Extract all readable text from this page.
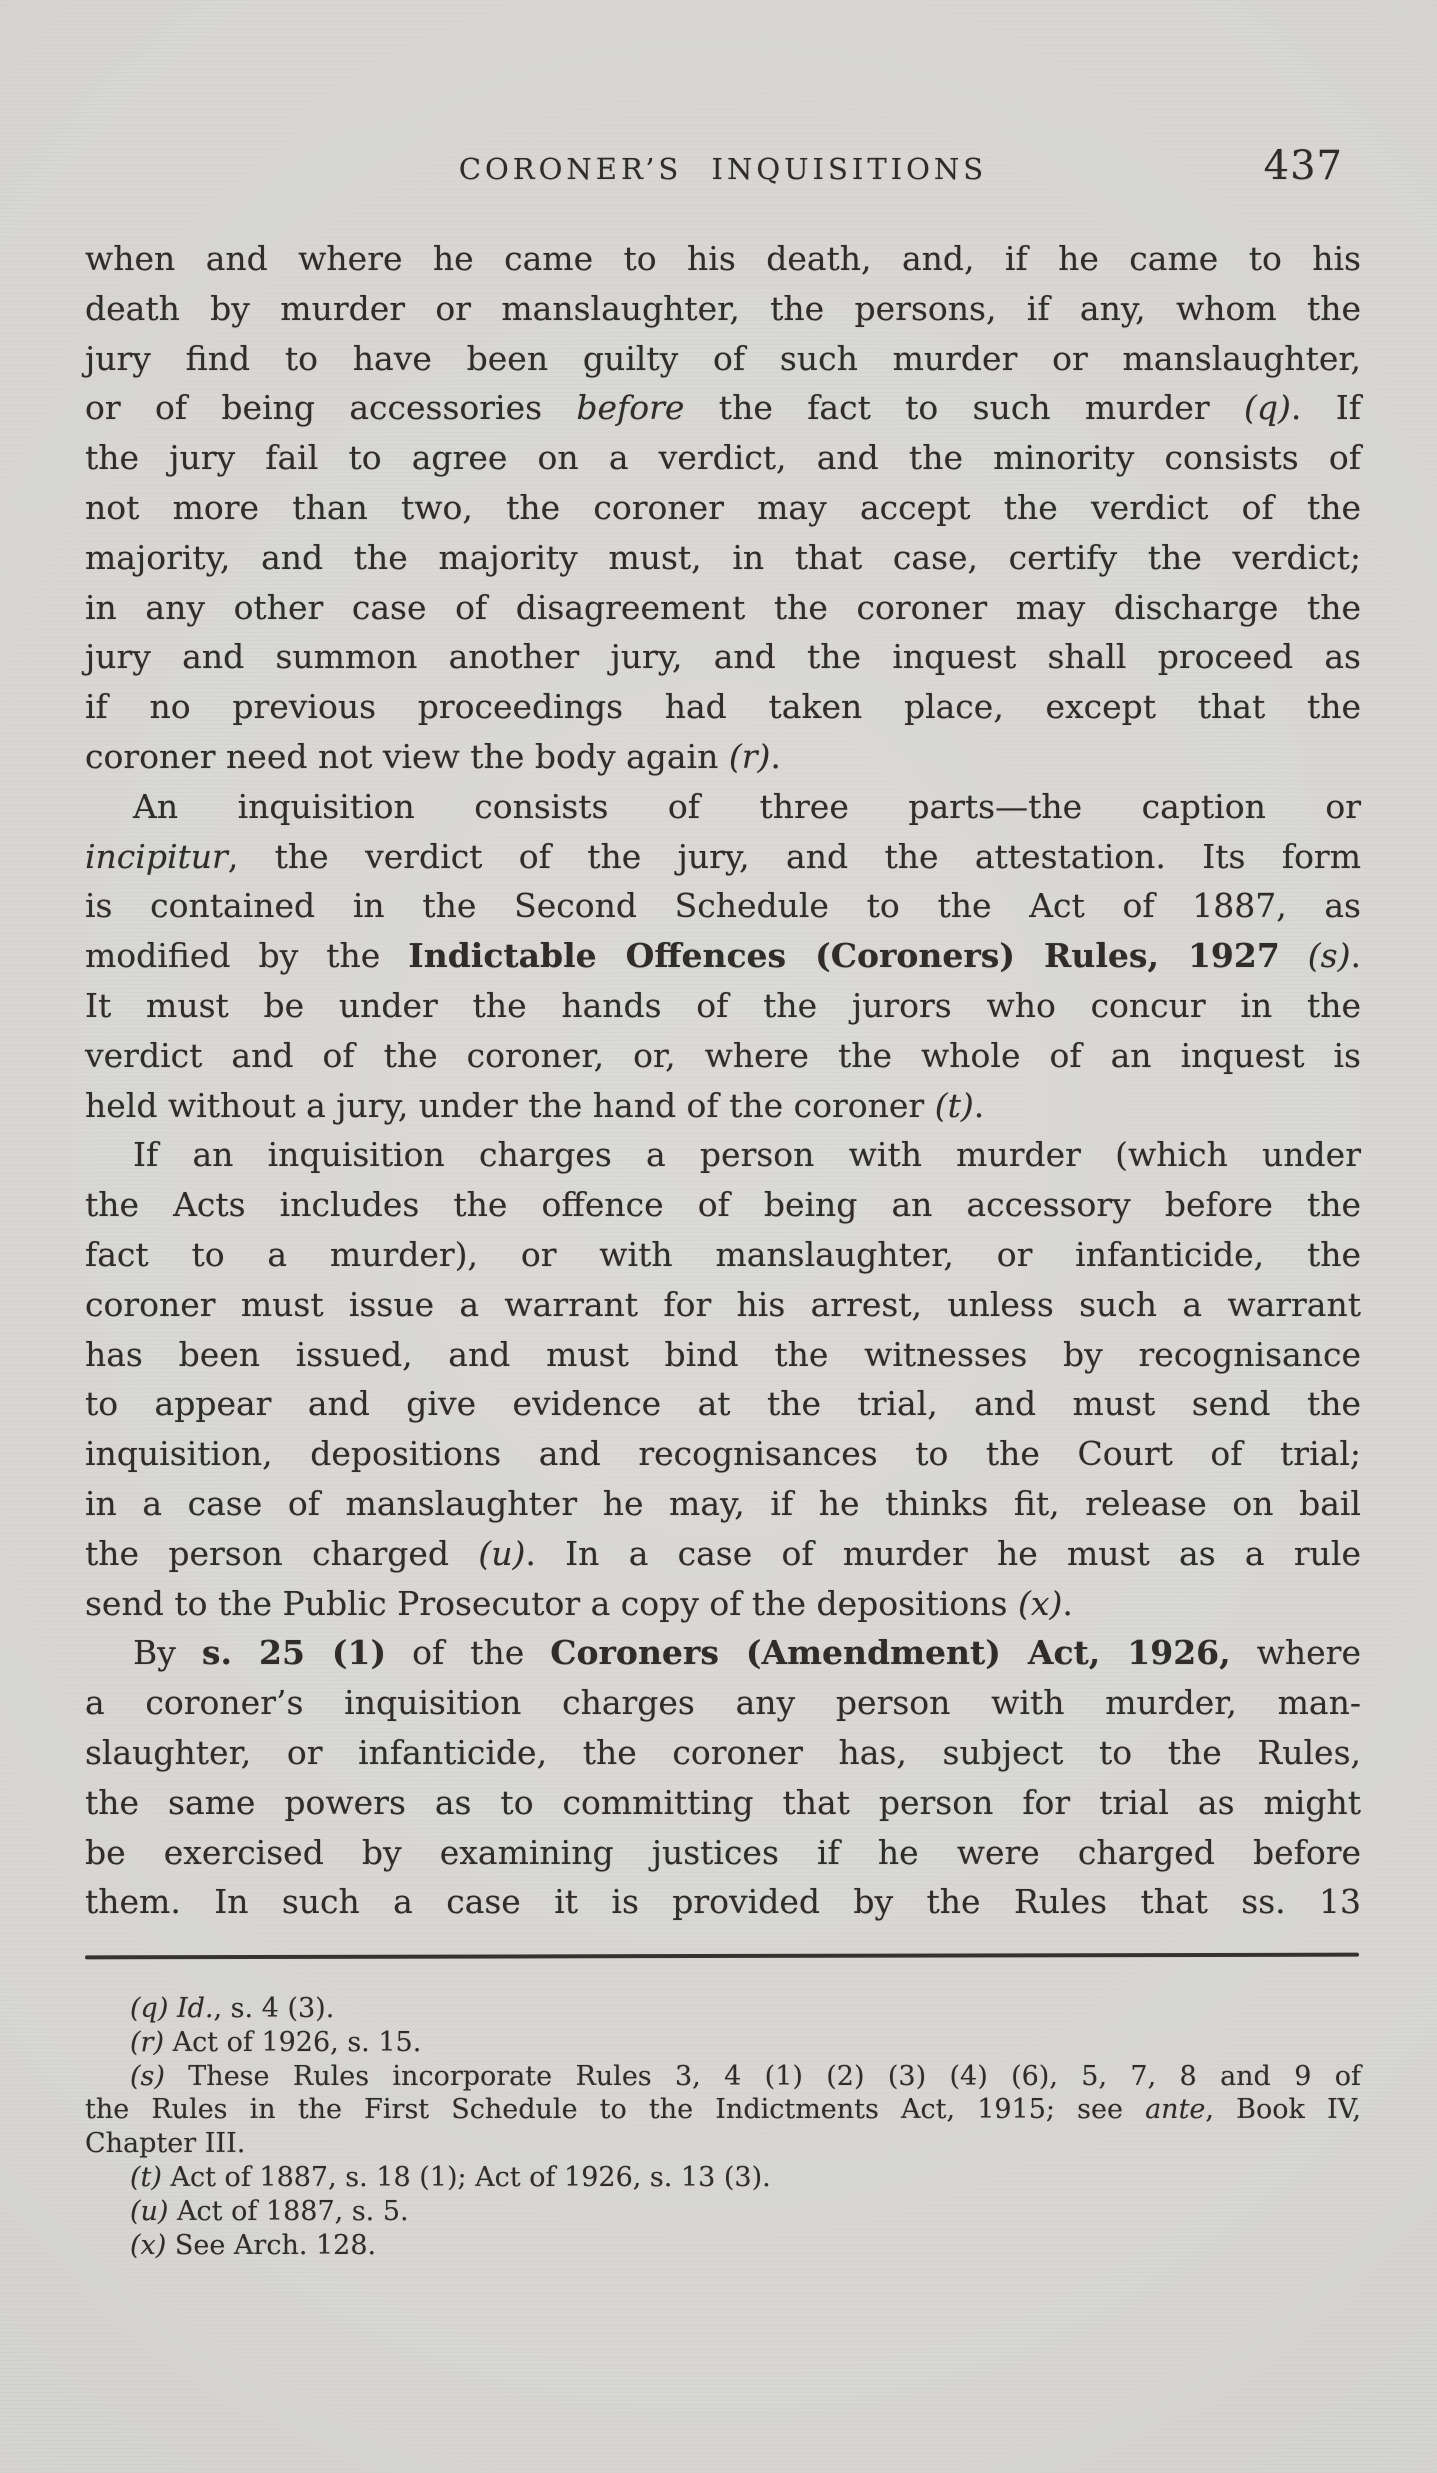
CORONER’S INQUISITIONS	437
when and where he came to his death, and, if he came to his
death by murder or manslaughter, the persons, if any, whom the
jury find to have been guilty of such murder or manslaughter,
or of being accessories before the fact to such murder (q). If
the jury fail to agree on a verdict, and the minority consists of
not more than two, the coroner may accept the verdict of the
majority, and the majority must, in that case, certify the verdict;
in any other case of disagreement the coroner may discharge the
jury and summon another jury, and the inquest shall proceed as
if no previous proceedings had taken place, except that the
coroner need not view the body again (r).
An inquisition consists of three parts—the caption or
incipitur, the verdict of the jury, and the attestation. Its form
is contained in the Second Schedule to the Act of 1887, as
modified by the Indictable Offences (Coroners) Rules, 1927 (s).
It must be under the hands of the jurors who concur in the
verdict and of the coroner, or, where the whole of an inquest is
held without a jury, under the hand of the coroner (t).
If an inquisition charges a person with murder (which under
the Acts includes the offence of being an accessory before the
fact to a murder), or with manslaughter, or infanticide, the
coroner must issue a warrant for his arrest, unless such a warrant
has been issued, and must bind the witnesses by recognisance
to appear and give evidence at the trial, and must send the
inquisition, depositions and recognisances to the Court of trial;
in a case of manslaughter he may, if he thinks fit, release on bail
the person charged (u). In a case of murder he must as a rule
send to the Public Prosecutor a copy of the depositions (x).
By s. 25 (1) of the Coroners (Amendment) Act, 1926, where
a coroner’s inquisition charges any person with murder, man-
slaughter, or infanticide, the coroner has, subject to the Rules,
the same powers as to committing that person for trial as might
be exercised by examining justices if he were charged before
them. In such a case it is provided by the Rules that ss. 13
(q) Id., s. 4 (3).
(r) Act of 1926, s. 15.
(s) These Rules incorporate Rules 3, 4 (1) (2) (3) (4) (6), 5, 7, 8 and 9 of
the Rules in the First Schedule to the Indictments Act, 1915; see ante, Book IV,
Chapter III.
(t) Act of 1887, s. 18 (1); Act of 1926, s. 13 (3).
(u) Act of 1887, s. 5.
(x) See Arch. 128.
